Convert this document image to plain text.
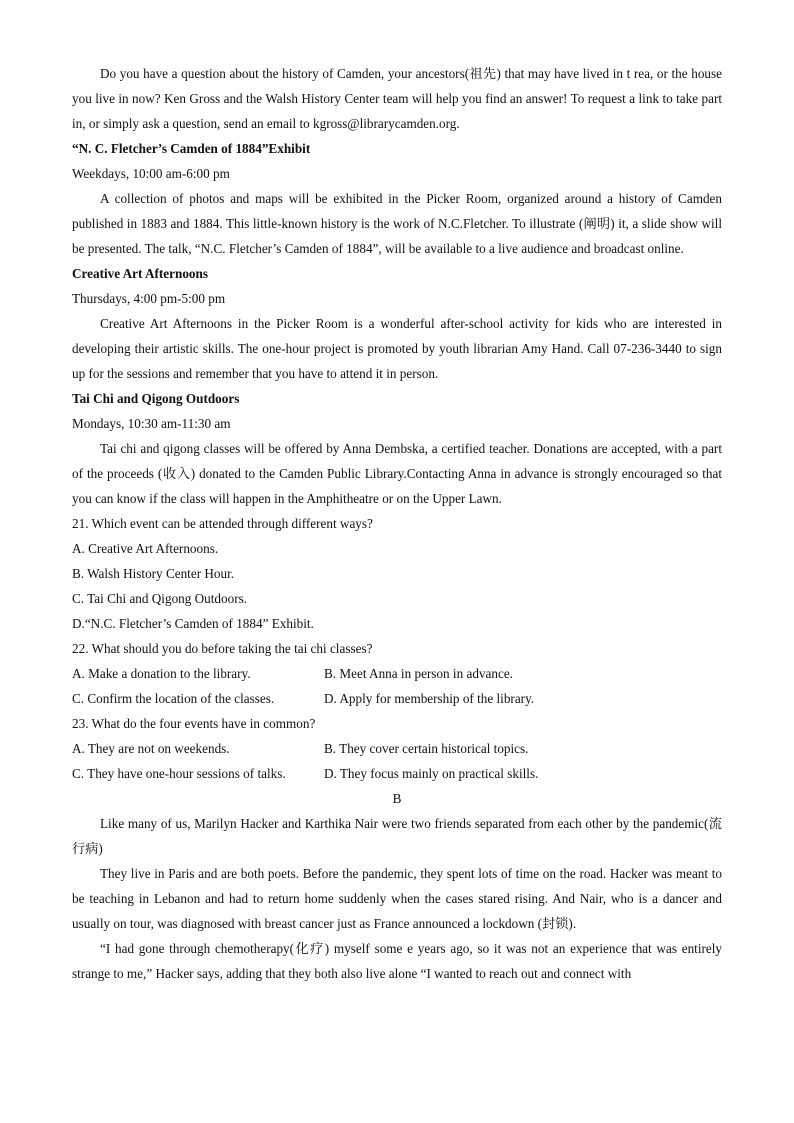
Do you have a question about the history of Camden, your ancestors(祖先) that may have lived in t rea, or the house you live in now? Ken Gross and the Walsh History Center team will help you find an answer! To request a link to take part in, or simply ask a question, send an email to kgross@librarycamden.org.

“N. C. Fletcher’s Camden of 1884”Exhibit

Weekdays, 10:00 am-6:00 pm

A collection of photos and maps will be exhibited in the Picker Room, organized around a history of Camden published in 1883 and 1884. This little-known history is the work of N.C.Fletcher. To illustrate (阐明) it, a slide show will be presented. The talk, “N.C. Fletcher’s Camden of 1884”, will be available to a live audience and broadcast online.

Creative Art Afternoons

Thursdays, 4:00 pm-5:00 pm

Creative Art Afternoons in the Picker Room is a wonderful after-school activity for kids who are interested in developing their artistic skills. The one-hour project is promoted by youth librarian Amy Hand. Call 07-236-3440 to sign up for the sessions and remember that you have to attend it in person.

Tai Chi and Qigong Outdoors

Mondays, 10:30 am-11:30 am

Tai chi and qigong classes will be offered by Anna Dembska, a certified teacher. Donations are accepted, with a part of the proceeds (收入) donated to the Camden Public Library.Contacting Anna in advance is strongly encouraged so that you can know if the class will happen in the Amphitheatre or on the Upper Lawn.

21. Which event can be attended through different ways?

A. Creative Art Afternoons.

B. Walsh History Center Hour.

C. Tai Chi and Qigong Outdoors.

D.“N.C. Fletcher’s Camden of 1884” Exhibit.

22. What should you do before taking the tai chi classes?

A. Make a donation to the library.	B. Meet Anna in person in advance.
C. Confirm the location of the classes.	D. Apply for membership of the library.

23. What do the four events have in common?

A. They are not on weekends.	B. They cover certain historical topics.
C. They have one-hour sessions of talks.	D. They focus mainly on practical skills.

B

Like many of us, Marilyn Hacker and Karthika Nair were two friends separated from each other by the pandemic(流行病)

They live in Paris and are both poets. Before the pandemic, they spent lots of time on the road. Hacker was meant to be teaching in Lebanon and had to return home suddenly when the cases stared rising. And Nair, who is a dancer and usually on tour, was diagnosed with breast cancer just as France announced a lockdown (封锁).

“I had gone through chemotherapy(化疗) myself some e years ago, so it was not an experience that was entirely strange to me,” Hacker says, adding that they both also live alone “I wanted to reach out and connect with
